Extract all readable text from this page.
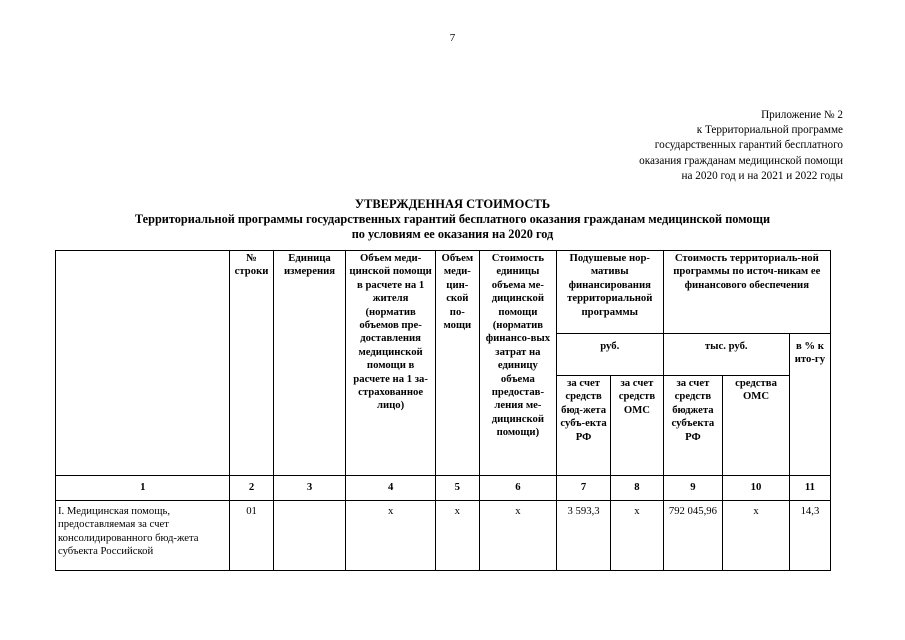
7
Приложение № 2
к Территориальной программе
государственных гарантий бесплатного
оказания гражданам медицинской помощи
на 2020 год и на 2021 и 2022 годы
УТВЕРЖДЕННАЯ СТОИМОСТЬ
Территориальной программы государственных гарантий бесплатного оказания гражданам медицинской помощи
по условиям ее оказания на 2020 год
	№ строки	Единица измерения	Объем меди-цинской помощи в расчете на 1 жителя (норматив объемов пре-доставления медицинской помощи в расчете на 1 за-страхованное лицо)	Объем меди-цин-ской по-мощи	Стоимость единицы объема ме-дицинской помощи (норматив финансо-вых затрат на единицу объема предостав-ления ме-дицинской помощи)	Подушевые нор-мативы финансирования территориальной программы		Стоимость территориаль-ной программы по источ-никам ее финансового обеспечения		
						руб.		тыс. руб.		в % к ито-гу
						за счет средств бюд-жета субъ-екта РФ	за счет средств ОМС	за счет средств бюджета субъекта РФ	средства ОМС	
1	2	3	4	5	6	7	8	9	10	11
I. Медицинская помощь, предоставляемая за счет консолидированного бюд-жета субъекта Российской	01		х	х	х	3 593,3	х	792 045,96	х	14,3
